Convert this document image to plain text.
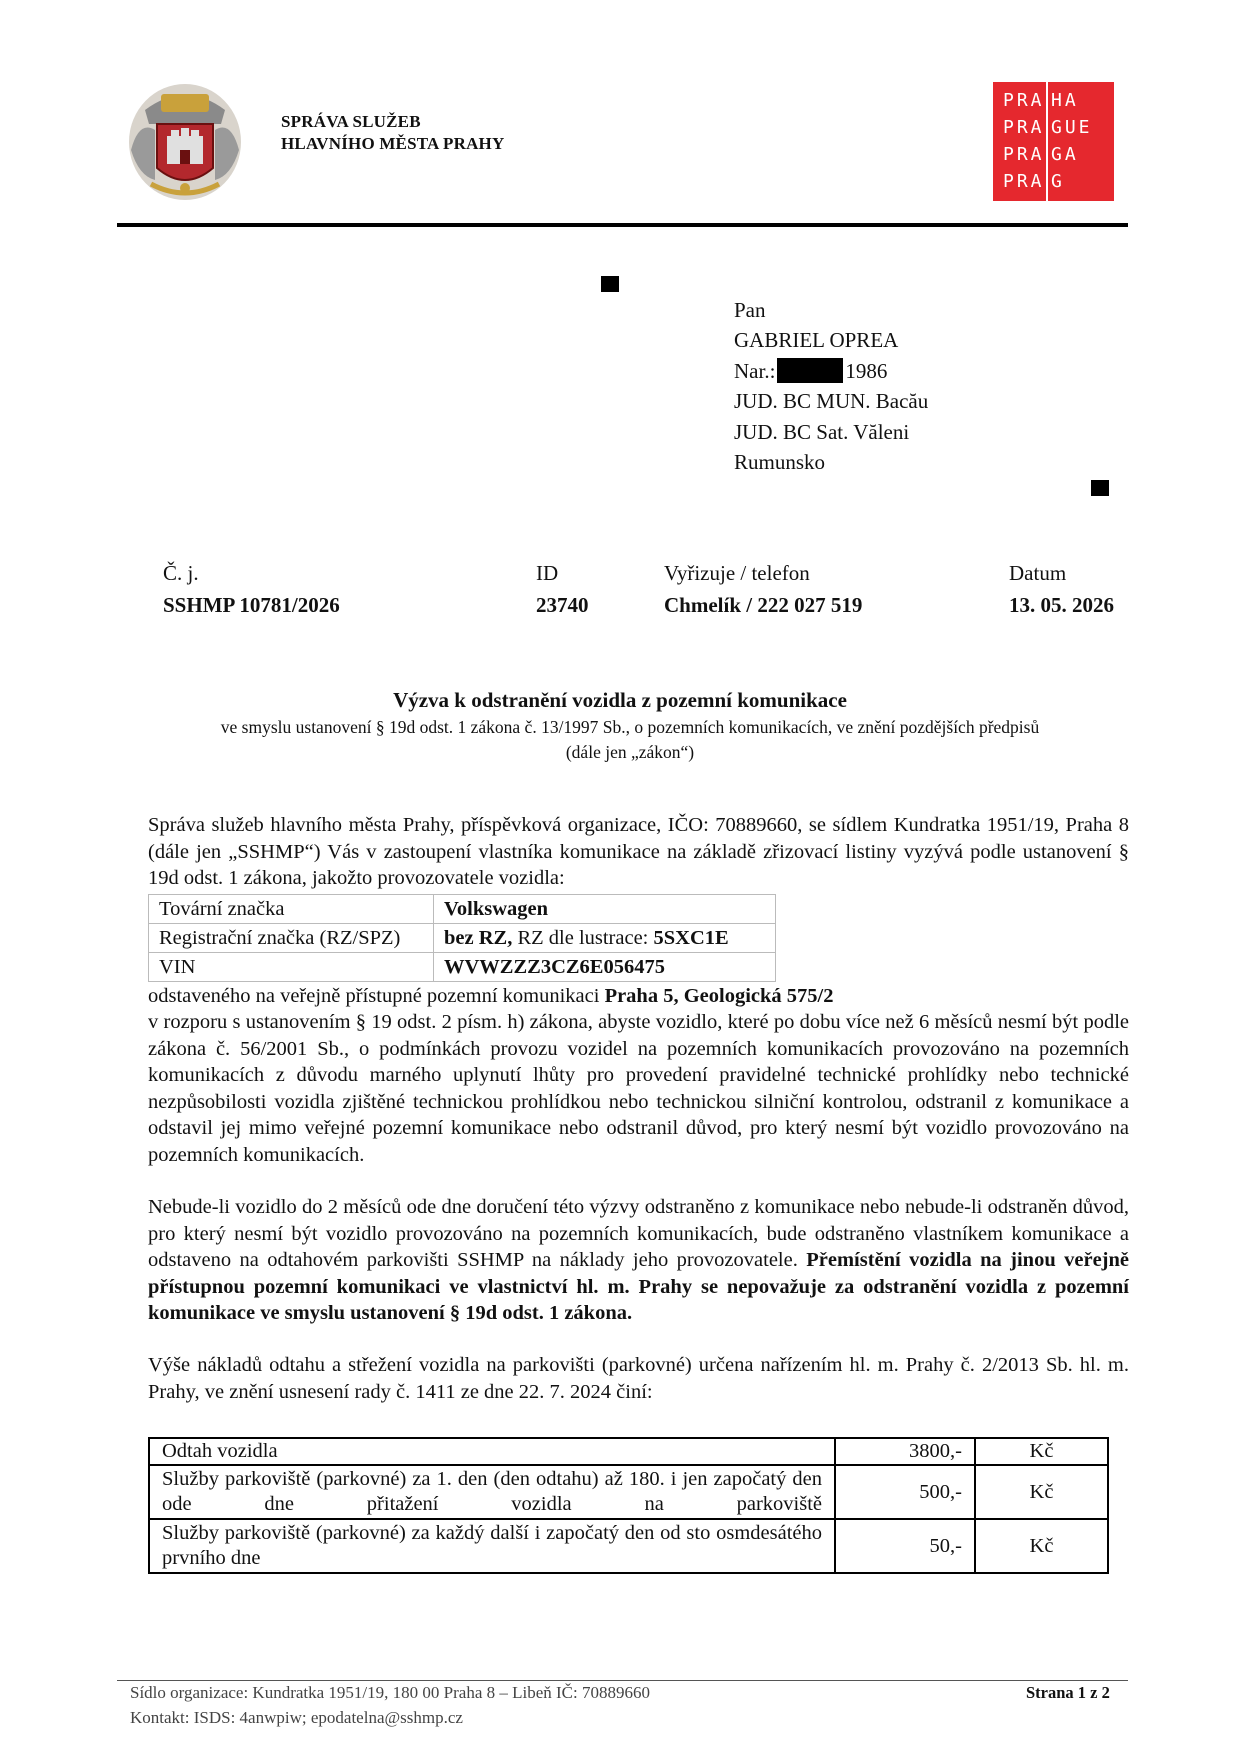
SPRÁVA SLUŽEB
HLAVNÍHO MĚSTA PRAHY
PRA HA
PRA GUE
PRA GA
PRA G
Pan
GABRIEL OPREA
Nar.:	1986
JUD. BC MUN. Bacău
JUD. BC Sat. Văleni
Rumunsko
Č. j.
SSHMP 10781/2026
ID
23740
Vyřizuje / telefon
Chmelík / 222 027 519
Datum
13. 05. 2026
Výzva k odstranění vozidla z pozemní komunikace
ve smyslu ustanovení § 19d odst. 1 zákona č. 13/1997 Sb., o pozemních komunikacích, ve znění pozdějších předpisů
(dále jen „zákon“)
Správa služeb hlavního města Prahy, příspěvková organizace, IČO: 70889660, se sídlem Kundratka 1951/19, Praha 8 (dále jen „SSHMP“) Vás v zastoupení vlastníka komunikace na základě zřizovací listiny vyzývá podle ustanovení § 19d odst. 1 zákona, jakožto provozovatele vozidla:
Tovární značka	Volkswagen
Registrační značka (RZ/SPZ)	bez RZ, RZ dle lustrace: 5SXC1E
VIN	WVWZZZ3CZ6E056475
odstaveného na veřejně přístupné pozemní komunikaci Praha 5, Geologická 575/2
v rozporu s ustanovením § 19 odst. 2 písm. h) zákona, abyste vozidlo, které po dobu více než 6 měsíců nesmí být podle zákona č. 56/2001 Sb., o podmínkách provozu vozidel na pozemních komunikacích provozováno na pozemních komunikacích z důvodu marného uplynutí lhůty pro provedení pravidelné technické prohlídky nebo technické nezpůsobilosti vozidla zjištěné technickou prohlídkou nebo technickou silniční kontrolou, odstranil z komunikace a odstavil jej mimo veřejné pozemní komunikace nebo odstranil důvod, pro který nesmí být vozidlo provozováno na pozemních komunikacích.
Nebude-li vozidlo do 2 měsíců ode dne doručení této výzvy odstraněno z komunikace nebo nebude-li odstraněn důvod, pro který nesmí být vozidlo provozováno na pozemních komunikacích, bude odstraněno vlastníkem komunikace a odstaveno na odtahovém parkovišti SSHMP na náklady jeho provozovatele. Přemístění vozidla na jinou veřejně přístupnou pozemní komunikaci ve vlastnictví hl. m. Prahy se nepovažuje za odstranění vozidla z pozemní komunikace ve smyslu ustanovení § 19d odst. 1 zákona.
Výše nákladů odtahu a střežení vozidla na parkovišti (parkovné) určena nařízením hl. m. Prahy č. 2/2013 Sb. hl. m. Prahy, ve znění usnesení rady č. 1411 ze dne 22. 7. 2024 činí:
Odtah vozidla	3800,-	Kč
Služby parkoviště (parkovné) za 1. den (den odtahu) až 180. i jen započatý den ode dne přitažení vozidla na parkoviště	500,-	Kč
Služby parkoviště (parkovné) za každý další i započatý den od sto osmdesátého prvního dne	50,-	Kč
Sídlo organizace: Kundratka 1951/19, 180 00 Praha 8 – Libeň IČ: 70889660
Kontakt: ISDS: 4anwpiw; epodatelna@sshmp.cz
Strana 1 z 2
